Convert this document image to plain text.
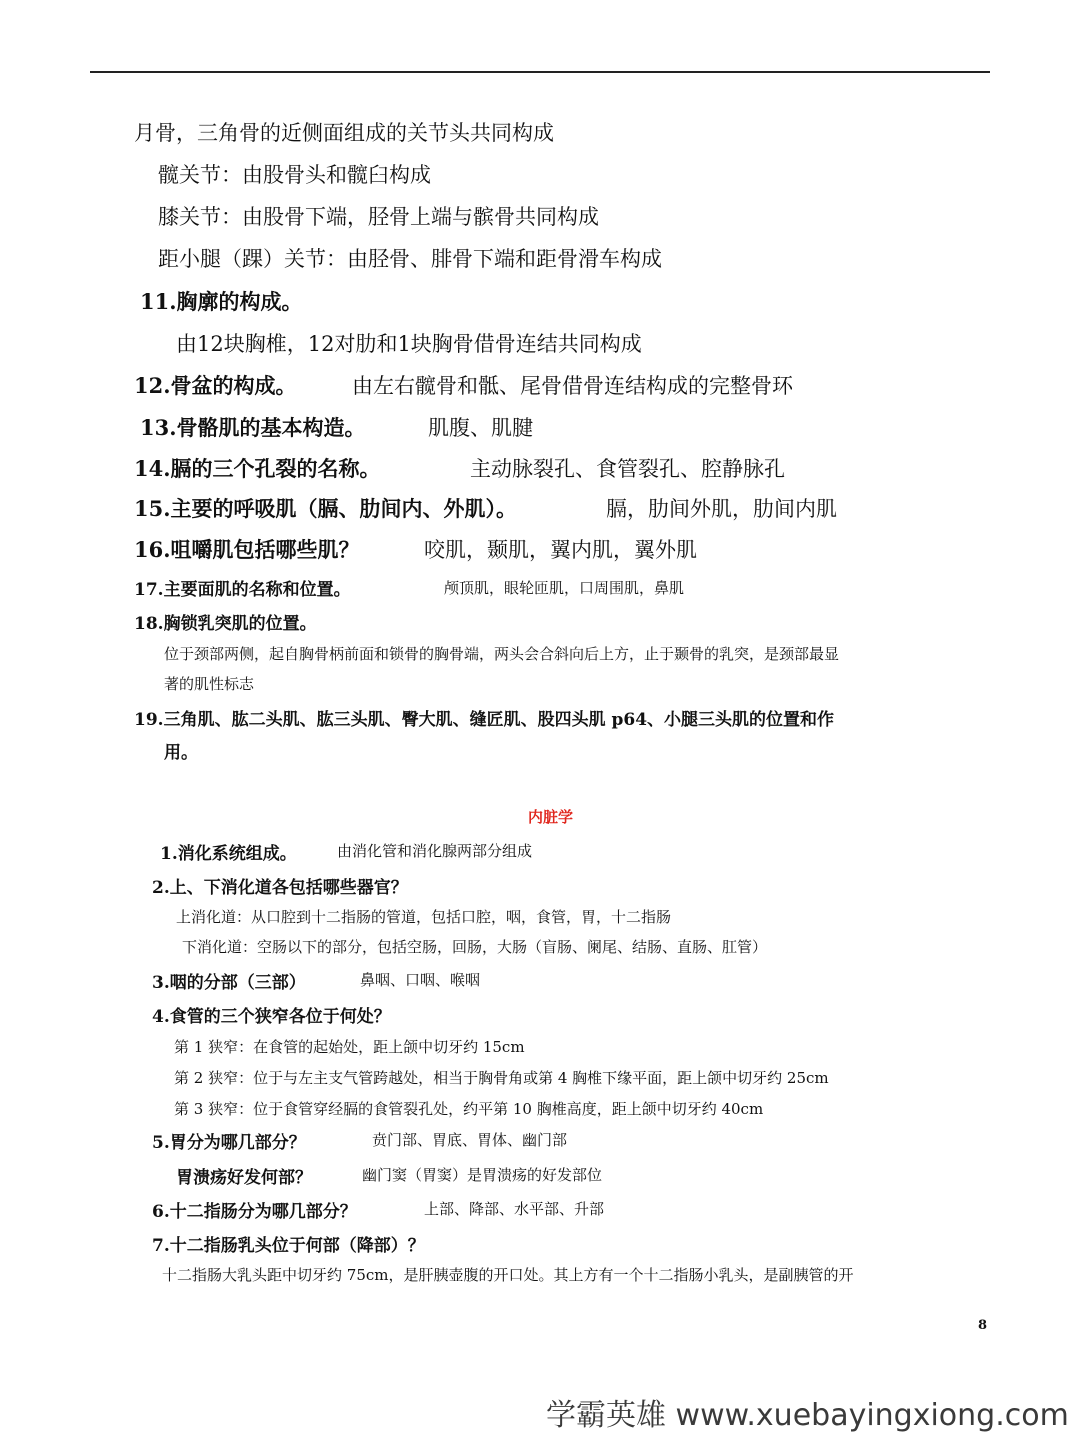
月骨，三角骨的近侧面组成的关节头共同构成
髋关节：由股骨头和髋臼构成
膝关节：由股骨下端，胫骨上端与髌骨共同构成
距小腿（踝）关节：由胫骨、腓骨下端和距骨滑车构成
11.胸廓的构成。
由12块胸椎，12对肋和1块胸骨借骨连结共同构成
12.骨盆的构成。	由左右髋骨和骶、尾骨借骨连结构成的完整骨环
13.骨骼肌的基本构造。	肌腹、肌腱
14.膈的三个孔裂的名称。	主动脉裂孔、食管裂孔、腔静脉孔
15.主要的呼吸肌（膈、肋间内、外肌）。	膈，肋间外肌，肋间内肌
16.咀嚼肌包括哪些肌？	咬肌，颞肌，翼内肌，翼外肌
17.主要面肌的名称和位置。	颅顶肌，眼轮匝肌，口周围肌，鼻肌
18.胸锁乳突肌的位置。
位于颈部两侧，起自胸骨柄前面和锁骨的胸骨端，两头会合斜向后上方，止于颞骨的乳突，是颈部最显
著的肌性标志
19.三角肌、肱二头肌、肱三头肌、臀大肌、缝匠肌、股四头肌 p64、小腿三头肌的位置和作
用。
内脏学
1.消化系统组成。	由消化管和消化腺两部分组成
2.上、下消化道各包括哪些器官？
上消化道：从口腔到十二指肠的管道，包括口腔，咽，食管，胃，十二指肠
下消化道：空肠以下的部分，包括空肠，回肠，大肠（盲肠、阑尾、结肠、直肠、肛管）
3.咽的分部（三部）	鼻咽、口咽、喉咽
4.食管的三个狭窄各位于何处？
第 1 狭窄：在食管的起始处，距上颌中切牙约 15cm
第 2 狭窄：位于与左主支气管跨越处，相当于胸骨角或第 4 胸椎下缘平面，距上颌中切牙约 25cm
第 3 狭窄：位于食管穿经膈的食管裂孔处，约平第 10 胸椎高度，距上颌中切牙约 40cm
5.胃分为哪几部分？	贲门部、胃底、胃体、幽门部
胃溃疡好发何部？	幽门窦（胃窦）是胃溃疡的好发部位
6.十二指肠分为哪几部分？	上部、降部、水平部、升部
7.十二指肠乳头位于何部（降部）？
十二指肠大乳头距中切牙约 75cm，是肝胰壶腹的开口处。其上方有一个十二指肠小乳头，是副胰管的开
8
学霸英雄 www.xuebayingxiong.com
